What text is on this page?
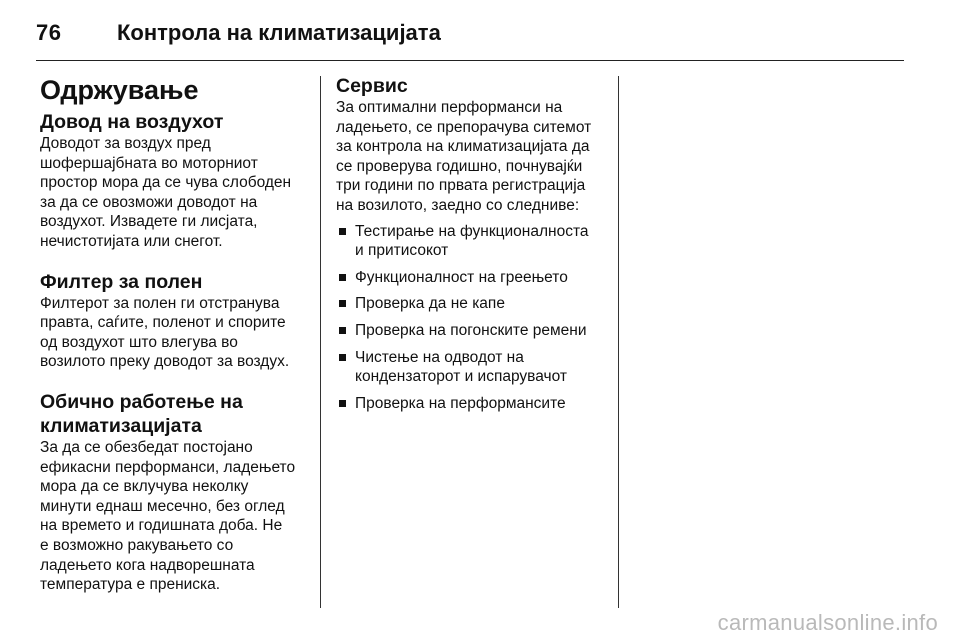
76	Контрола на климатизацијата
Одржување
Довод на воздухот

Доводот за воздух пред
шофершајбната во моторниот
простор мора да се чува слободен
за да се овозможи доводот на
воздухот. Извадете ги лисјата,
нечистотијата или снегот.

Филтер за полен

Филтерот за полен ги отстранува
правта, саѓите, поленот и спорите
од воздухот што влегува во
возилото преку доводот за воздух.

Обично работење на
климатизацијата

За да се обезбедат постојано
ефикасни перформанси, ладењето
мора да се вклучува неколку
минути еднаш месечно, без оглед
на времето и годишната доба. Не
е возможно ракувањето со
ладењето кога надворешната
температура е прениска.

Сервис

За оптимални перформанси на
ладењето, се препорачува ситемот
за контрола на климатизацијата да
се проверува годишно, почнувајќи
три години по првата регистрација
на возилото, заедно со следниве:

Тестирање на функционалноста
и притисокот
Функционалност на греењето
Проверка да не капе
Проверка на погонските ремени
Чистење на одводот на
кондензаторот и испарувачот
Проверка на перформансите
carmanualsonline.info
